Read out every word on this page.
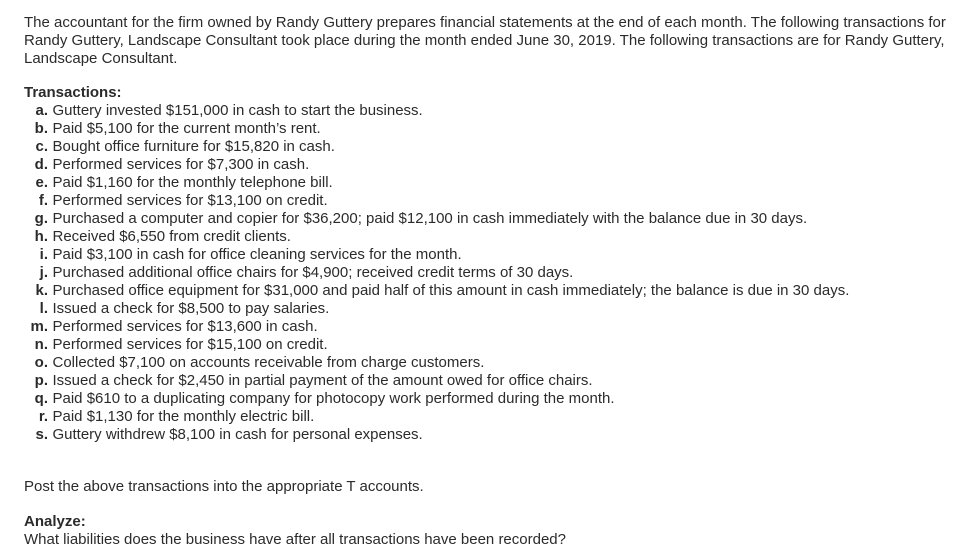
The accountant for the firm owned by Randy Guttery prepares financial statements at the end of each month. The following transactions for Randy Guttery, Landscape Consultant took place during the month ended June 30, 2019. The following transactions are for Randy Guttery, Landscape Consultant.

Transactions:

a. Guttery invested $151,000 in cash to start the business.
b. Paid $5,100 for the current month’s rent.
c. Bought office furniture for $15,820 in cash.
d. Performed services for $7,300 in cash.
e. Paid $1,160 for the monthly telephone bill.
f. Performed services for $13,100 on credit.
g. Purchased a computer and copier for $36,200; paid $12,100 in cash immediately with the balance due in 30 days.
h. Received $6,550 from credit clients.
i. Paid $3,100 in cash for office cleaning services for the month.
j. Purchased additional office chairs for $4,900; received credit terms of 30 days.
k. Purchased office equipment for $31,000 and paid half of this amount in cash immediately; the balance is due in 30 days.
l. Issued a check for $8,500 to pay salaries.
m. Performed services for $13,600 in cash.
n. Performed services for $15,100 on credit.
o. Collected $7,100 on accounts receivable from charge customers.
p. Issued a check for $2,450 in partial payment of the amount owed for office chairs.
q. Paid $610 to a duplicating company for photocopy work performed during the month.
r. Paid $1,130 for the monthly electric bill.
s. Guttery withdrew $8,100 in cash for personal expenses.

Post the above transactions into the appropriate T accounts.

Analyze:

What liabilities does the business have after all transactions have been recorded?
